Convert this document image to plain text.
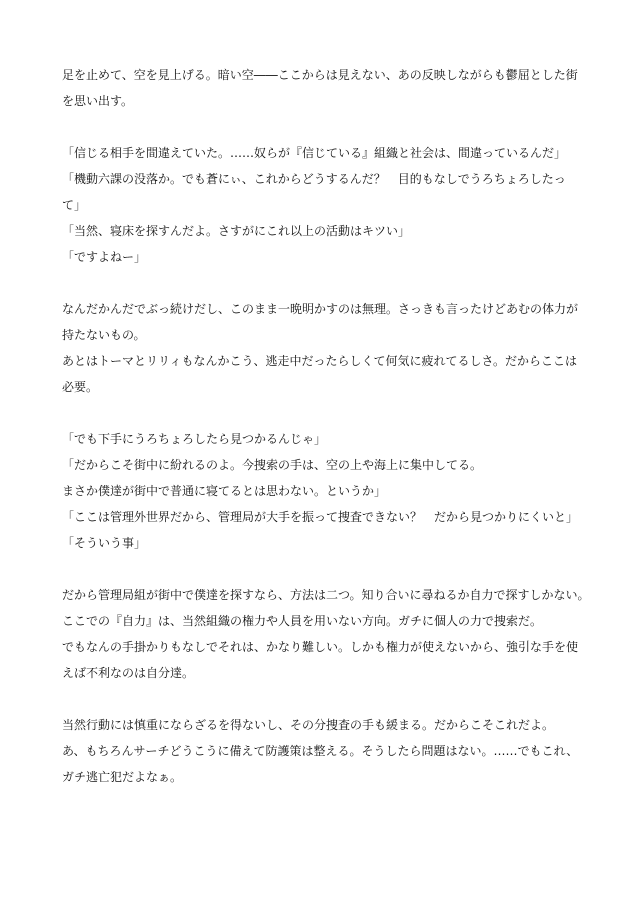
足を止めて、空を見上げる。暗い空――ここからは見えない、あの反映しながらも鬱屈とした街
を思い出す。
「信じる相手を間違えていた。……奴らが『信じている』組織と社会は、間違っているんだ」
「機動六課の没落か。でも蒼にぃ、これからどうするんだ？　目的もなしでうろちょろしたっ
て」
「当然、寝床を探すんだよ。さすがにこれ以上の活動はキツい」
「ですよねー」
なんだかんだでぶっ続けだし、このまま一晩明かすのは無理。さっきも言ったけどあむの体力が
持たないもの。
あとはトーマとリリィもなんかこう、逃走中だったらしくて何気に疲れてるしさ。だからここは
必要。
「でも下手にうろちょろしたら見つかるんじゃ」
「だからこそ街中に紛れるのよ。今捜索の手は、空の上や海上に集中してる。
まさか僕達が街中で普通に寝てるとは思わない。というか」
「ここは管理外世界だから、管理局が大手を振って捜査できない？　だから見つかりにくいと」
「そういう事」
だから管理局組が街中で僕達を探すなら、方法は二つ。知り合いに尋ねるか自力で探すしかない。
ここでの『自力』は、当然組織の権力や人員を用いない方向。ガチに個人の力で捜索だ。
でもなんの手掛かりもなしでそれは、かなり難しい。しかも権力が使えないから、強引な手を使
えば不利なのは自分達。
当然行動には慎重にならざるを得ないし、その分捜査の手も緩まる。だからこそこれだよ。
あ、もちろんサーチどうこうに備えて防護策は整える。そうしたら問題はない。……でもこれ、
ガチ逃亡犯だよなぁ。
